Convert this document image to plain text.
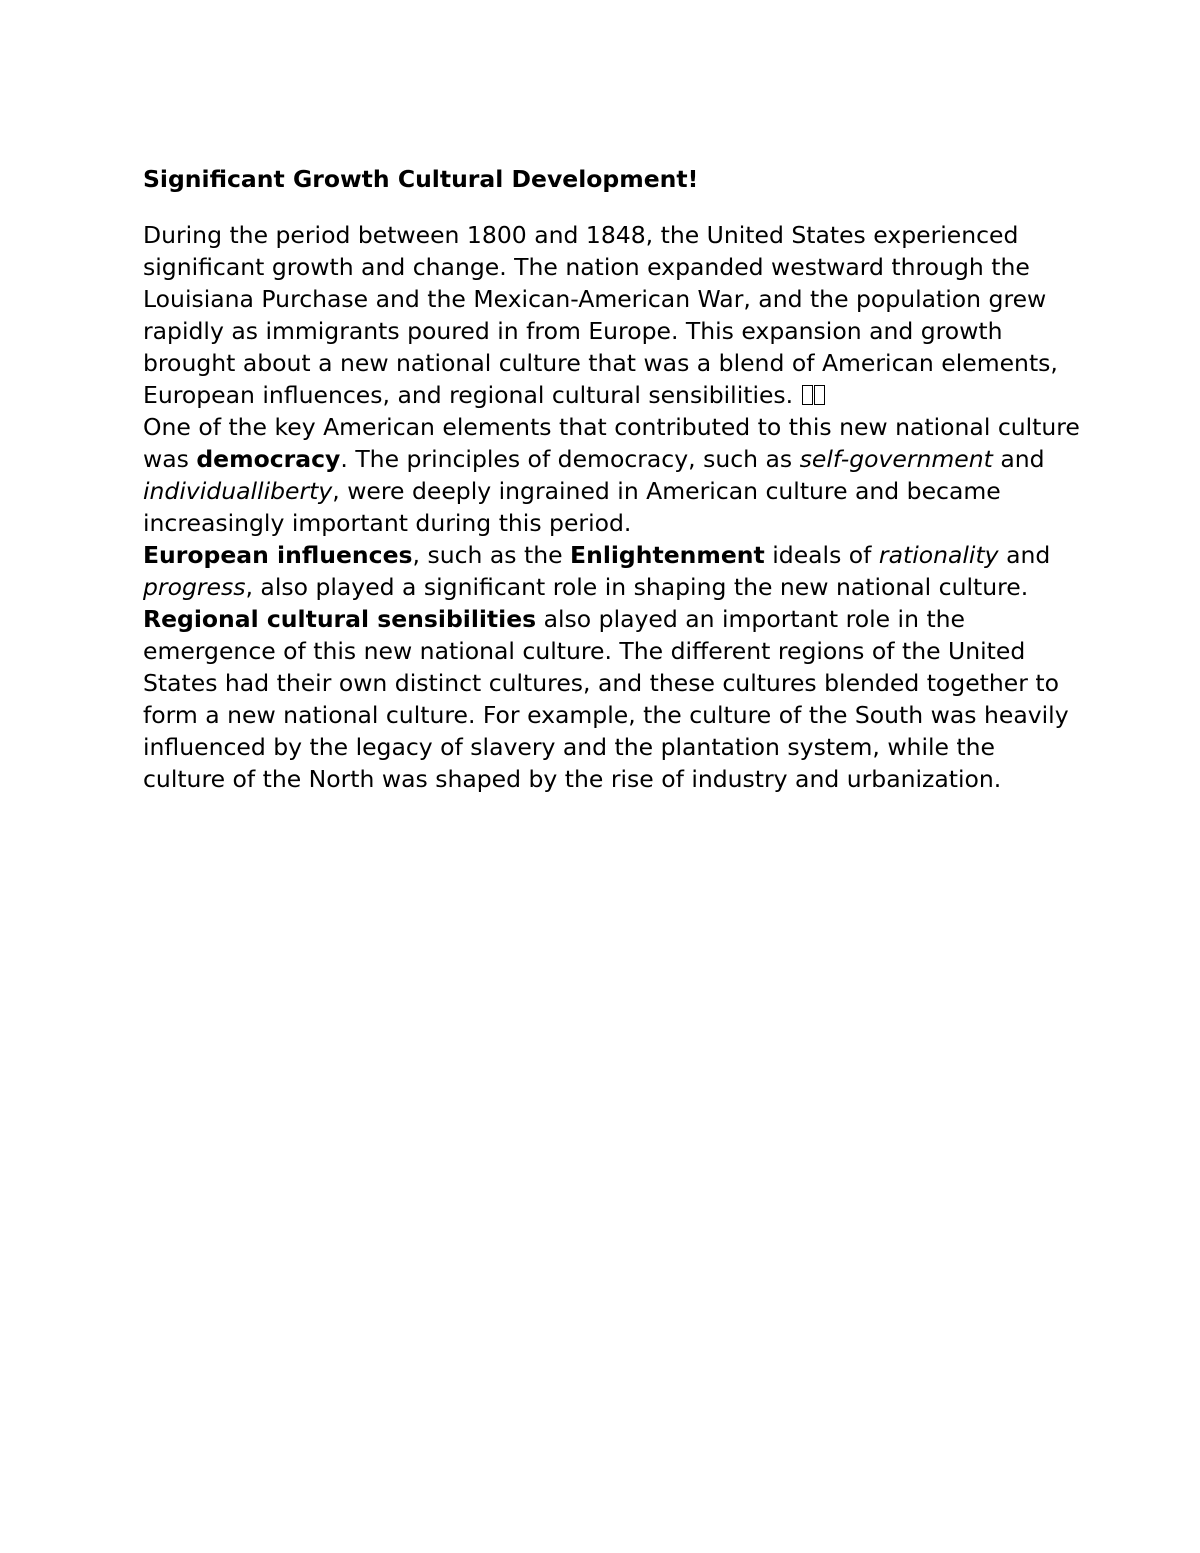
Significant Growth Cultural Development!

During the period between 1800 and 1848, the United States experienced significant growth and change. The nation expanded westward through the Louisiana Purchase and the Mexican-American War, and the population grew rapidly as immigrants poured in from Europe. This expansion and growth brought about a new national culture that was a blend of American elements, European influences, and regional cultural sensibilities.

One of the key American elements that contributed to this new national culture was democracy. The principles of democracy, such as self-government and individualliberty, were deeply ingrained in American culture and became increasingly important during this period.

European influences, such as the Enlightenment ideals of rationality and progress, also played a significant role in shaping the new national culture.

Regional cultural sensibilities also played an important role in the emergence of this new national culture. The different regions of the United States had their own distinct cultures, and these cultures blended together to form a new national culture. For example, the culture of the South was heavily influenced by the legacy of slavery and the plantation system, while the culture of the North was shaped by the rise of industry and urbanization.
